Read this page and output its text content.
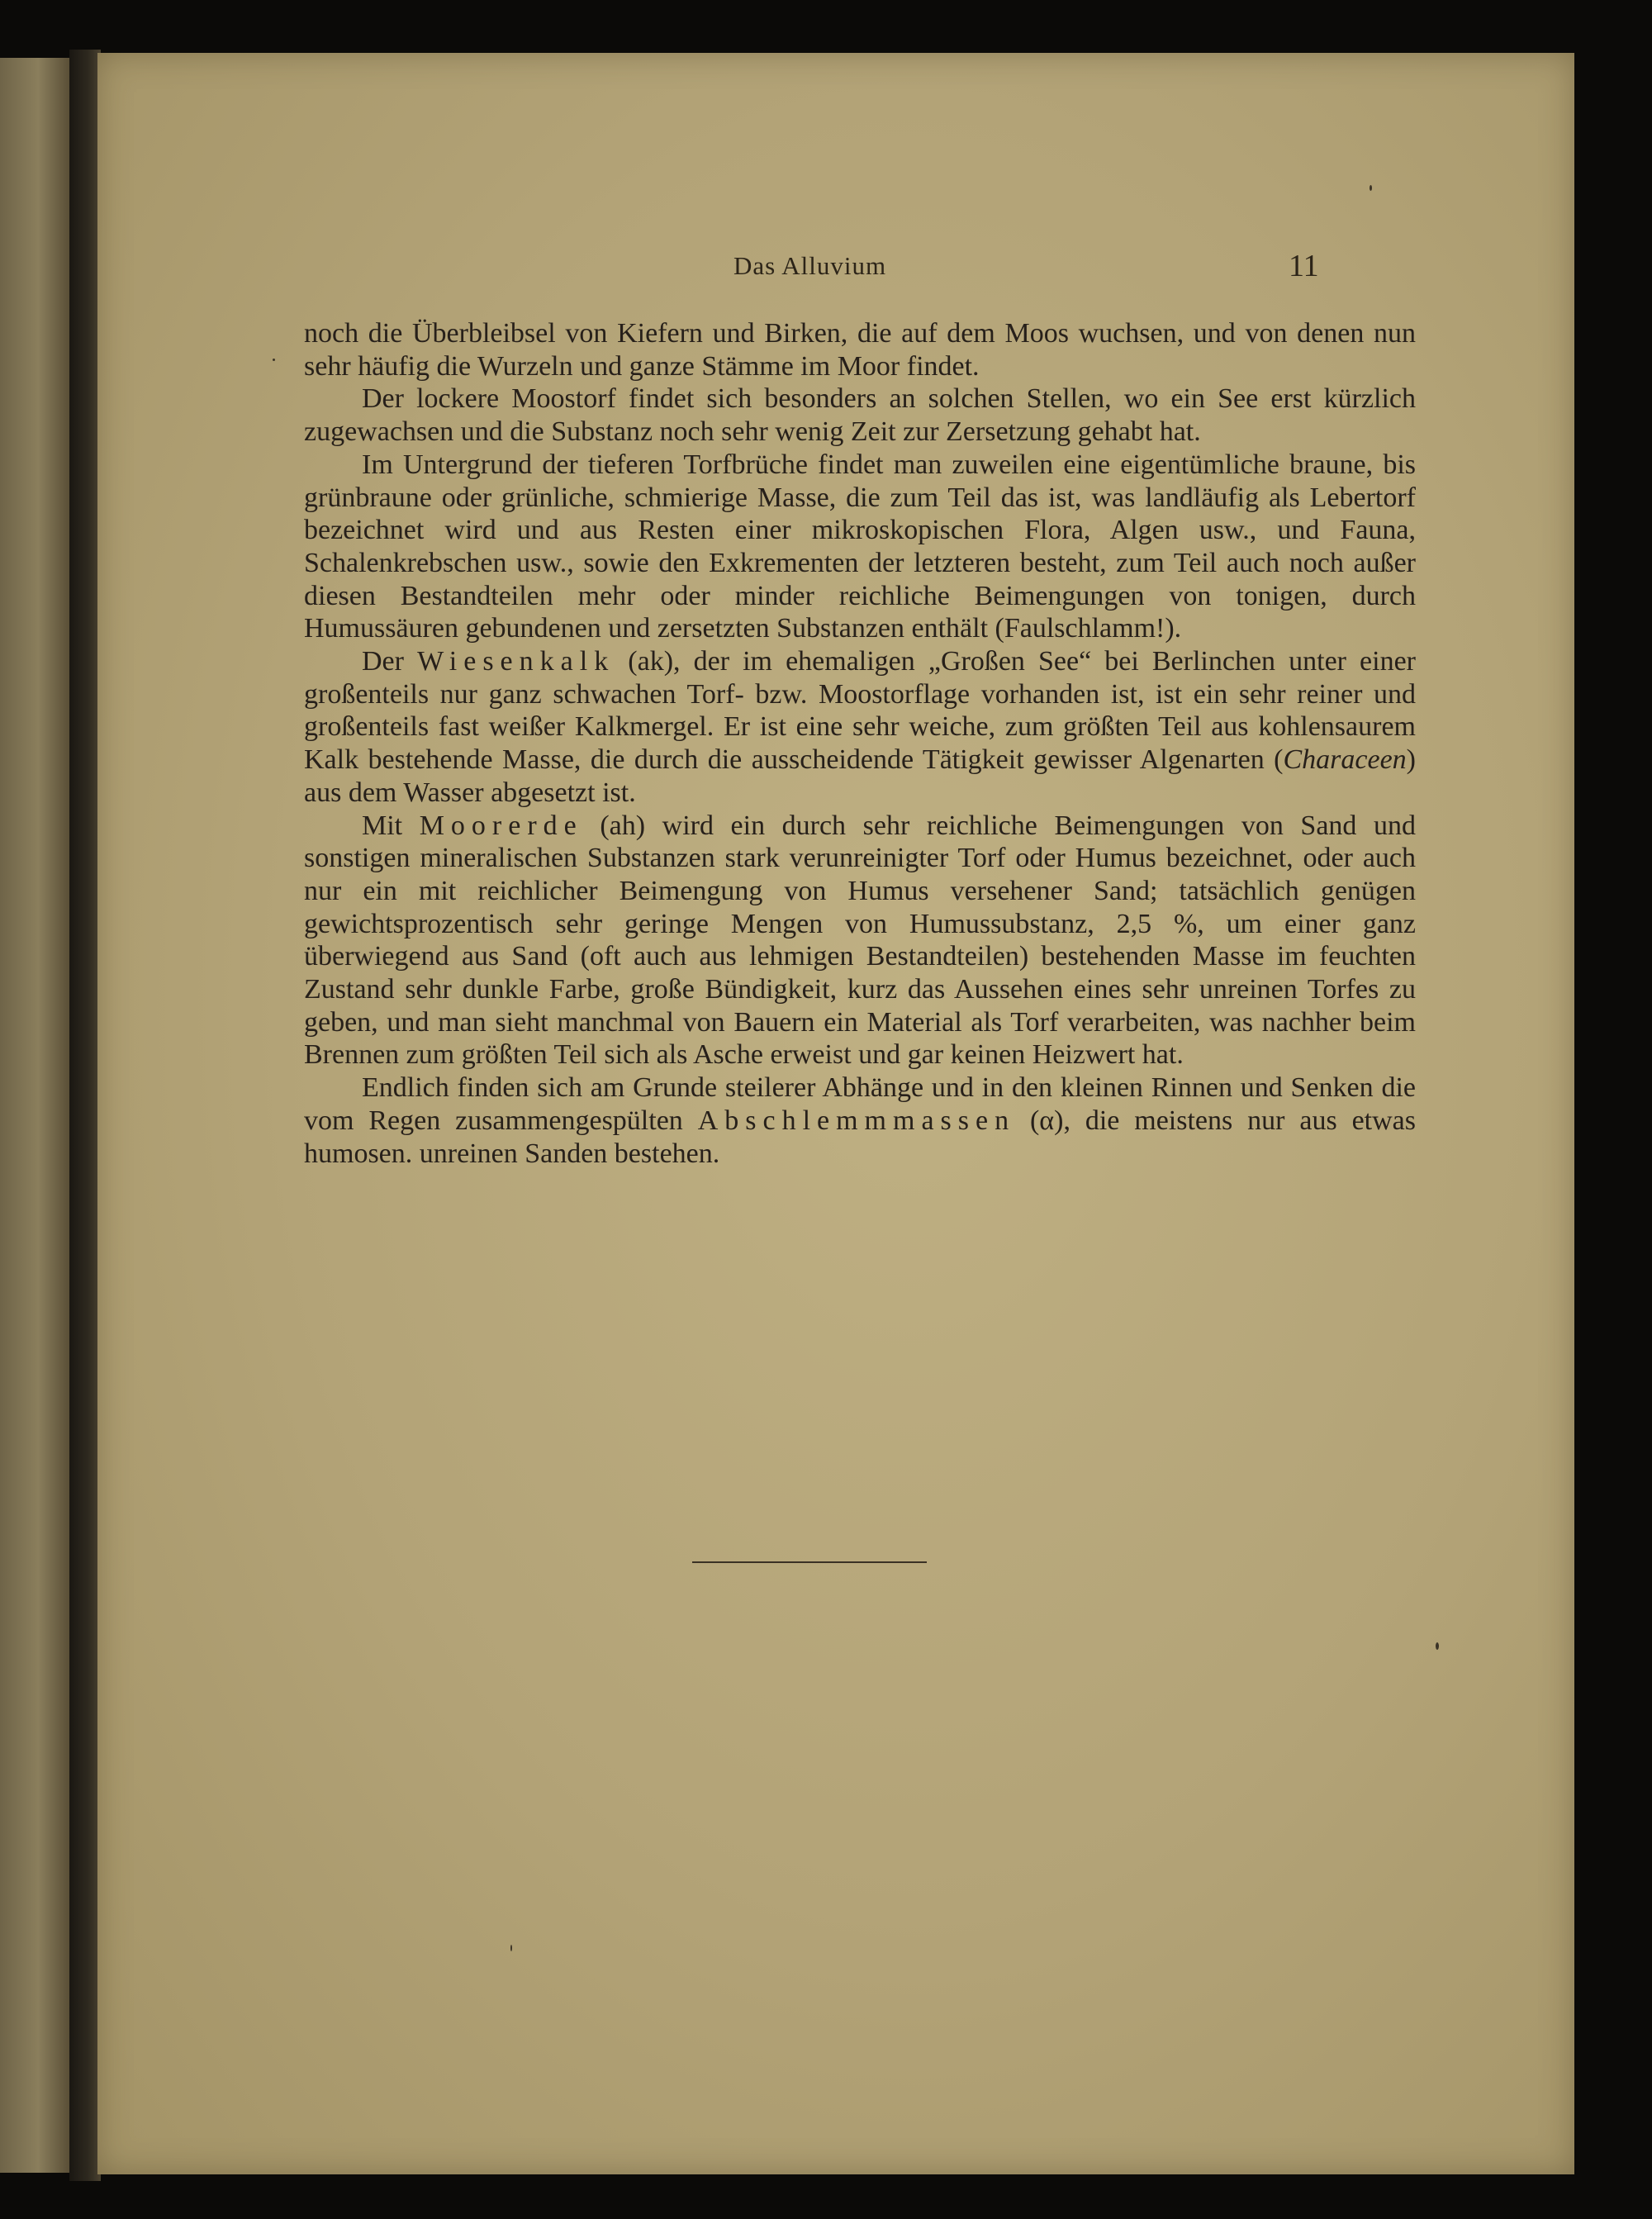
Das Alluvium	11

noch die Überbleibsel von Kiefern und Birken, die auf dem Moos wuchsen, und von denen nun sehr häufig die Wurzeln und ganze Stämme im Moor findet.

Der lockere Moostorf findet sich besonders an solchen Stellen, wo ein See erst kürzlich zugewachsen und die Substanz noch sehr wenig Zeit zur Zersetzung gehabt hat.

Im Untergrund der tieferen Torfbrüche findet man zuweilen eine eigentümliche braune, bis grünbraune oder grünliche, schmierige Masse, die zum Teil das ist, was landläufig als Lebertorf bezeichnet wird und aus Resten einer mikroskopischen Flora, Algen usw., und Fauna, Schalenkrebschen usw., sowie den Exkrementen der letzteren besteht, zum Teil auch noch außer diesen Bestandteilen mehr oder minder reichliche Beimengungen von tonigen, durch Humussäuren gebundenen und zersetzten Substanzen enthält (Faulschlamm!).

Der Wiesenkalk (ak), der im ehemaligen „Großen See“ bei Berlinchen unter einer großenteils nur ganz schwachen Torf- bzw. Moostorflage vorhanden ist, ist ein sehr reiner und großenteils fast weißer Kalkmergel. Er ist eine sehr weiche, zum größten Teil aus kohlensaurem Kalk bestehende Masse, die durch die ausscheidende Tätigkeit gewisser Algenarten (Characeen) aus dem Wasser abgesetzt ist.

Mit Moorerde (ah) wird ein durch sehr reichliche Beimengungen von Sand und sonstigen mineralischen Substanzen stark verunreinigter Torf oder Humus bezeichnet, oder auch nur ein mit reichlicher Beimengung von Humus versehener Sand; tatsächlich genügen gewichtsprozentisch sehr geringe Mengen von Humussubstanz, 2,5 %, um einer ganz überwiegend aus Sand (oft auch aus lehmigen Bestandteilen) bestehenden Masse im feuchten Zustand sehr dunkle Farbe, große Bündigkeit, kurz das Aussehen eines sehr unreinen Torfes zu geben, und man sieht manchmal von Bauern ein Material als Torf verarbeiten, was nachher beim Brennen zum größten Teil sich als Asche erweist und gar keinen Heizwert hat.

Endlich finden sich am Grunde steilerer Abhänge und in den kleinen Rinnen und Senken die vom Regen zusammengespülten Abschlemmmassen (α), die meistens nur aus etwas humosen. unreinen Sanden bestehen.
